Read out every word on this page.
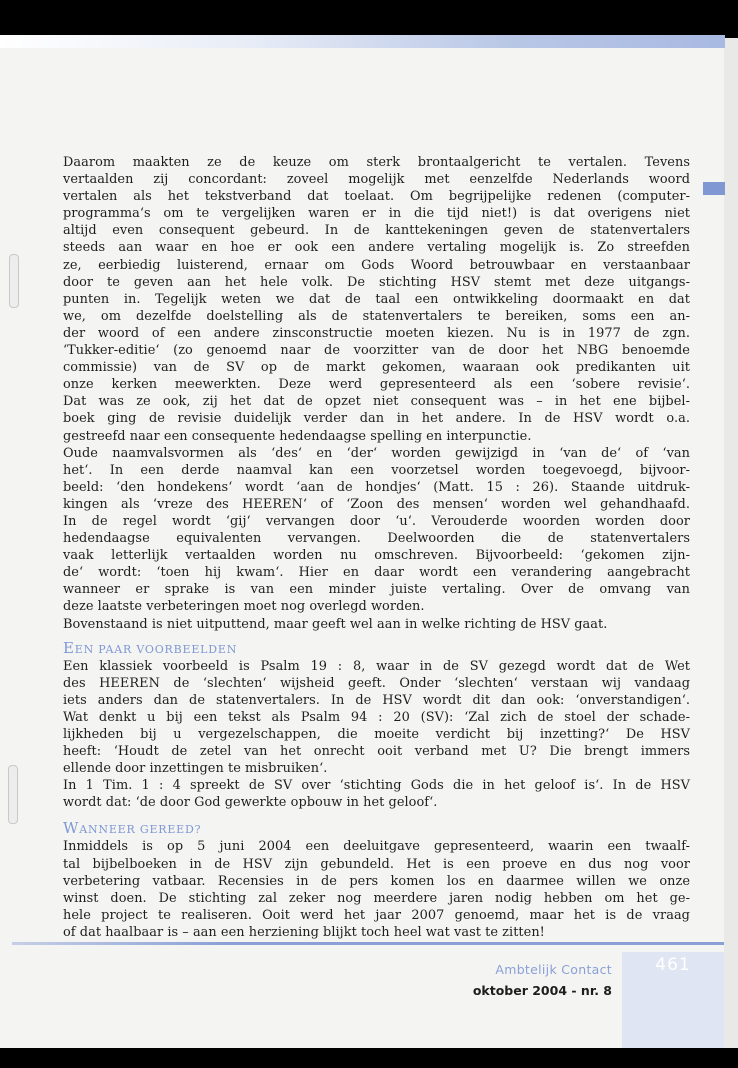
Daarom maakten ze de keuze om sterk brontaalgericht te vertalen. Tevens

vertaalden zij concordant: zoveel mogelijk met eenzelfde Nederlands woord

vertalen als het tekstverband dat toelaat. Om begrijpelijke redenen (computer-

programma‘s om te vergelijken waren er in die tijd niet!) is dat overigens niet

altijd even consequent gebeurd. In de kanttekeningen geven de statenvertalers

steeds aan waar en hoe er ook een andere vertaling mogelijk is. Zo streefden

ze, eerbiedig luisterend, ernaar om Gods Woord betrouwbaar en verstaanbaar

door te geven aan het hele volk. De stichting HSV stemt met deze uitgangs-

punten in. Tegelijk weten we dat de taal een ontwikkeling doormaakt en dat

we, om dezelfde doelstelling als de statenvertalers te bereiken, soms een an-

der woord of een andere zinsconstructie moeten kiezen. Nu is in 1977 de zgn.

‘Tukker-editie‘ (zo genoemd naar de voorzitter van de door het NBG benoemde

commissie) van de SV op de markt gekomen, waaraan ook predikanten uit

onze kerken meewerkten. Deze werd gepresenteerd als een ‘sobere revisie‘.

Dat was ze ook, zij het dat de opzet niet consequent was – in het ene bijbel-

boek ging de revisie duidelijk verder dan in het andere. In de HSV wordt o.a.

gestreefd naar een consequente hedendaagse spelling en interpunctie.

Oude naamvalsvormen als ‘des‘ en ‘der‘ worden gewijzigd in ‘van de‘ of ‘van

het‘. In een derde naamval kan een voorzetsel worden toegevoegd, bijvoor-

beeld: ‘den hondekens‘ wordt ‘aan de hondjes‘ (Matt. 15 : 26). Staande uitdruk-

kingen als ‘vreze des HEEREN‘ of ‘Zoon des mensen‘ worden wel gehandhaafd.

In de regel wordt ‘gij‘ vervangen door ‘u‘. Verouderde woorden worden door

hedendaagse equivalenten vervangen. Deelwoorden die de statenvertalers

vaak letterlijk vertaalden worden nu omschreven. Bijvoorbeeld: ‘gekomen zijn-

de‘ wordt: ‘toen hij kwam‘. Hier en daar wordt een verandering aangebracht

wanneer er sprake is van een minder juiste vertaling. Over de omvang van

deze laatste verbeteringen moet nog overlegd worden.

Bovenstaand is niet uitputtend, maar geeft wel aan in welke richting de HSV gaat.

EEN PAAR VOORBEELDEN

Een klassiek voorbeeld is Psalm 19 : 8, waar in de SV gezegd wordt dat de Wet

des HEEREN de ‘slechten‘ wijsheid geeft. Onder ‘slechten‘ verstaan wij vandaag

iets anders dan de statenvertalers. In de HSV wordt dit dan ook: ‘onverstandigen‘.

Wat denkt u bij een tekst als Psalm 94 : 20 (SV): ‘Zal zich de stoel der schade-

lijkheden bij u vergezelschappen, die moeite verdicht bij inzetting?‘ De HSV

heeft: ‘Houdt de zetel van het onrecht ooit verband met U? Die brengt immers

ellende door inzettingen te misbruiken‘.

In 1 Tim. 1 : 4 spreekt de SV over ‘stichting Gods die in het geloof is‘. In de HSV

wordt dat: ‘de door God gewerkte opbouw in het geloof‘.

WANNEER GEREED?

Inmiddels is op 5 juni 2004 een deeluitgave gepresenteerd, waarin een twaalf-

tal bijbelboeken in de HSV zijn gebundeld. Het is een proeve en dus nog voor

verbetering vatbaar. Recensies in de pers komen los en daarmee willen we onze

winst doen. De stichting zal zeker nog meerdere jaren nodig hebben om het ge-

hele project te realiseren. Ooit werd het jaar 2007 genoemd, maar het is de vraag

of dat haalbaar is – aan een herziening blijkt toch heel wat vast te zitten!

Ambtelijk Contact
oktober 2004 - nr. 8
461
